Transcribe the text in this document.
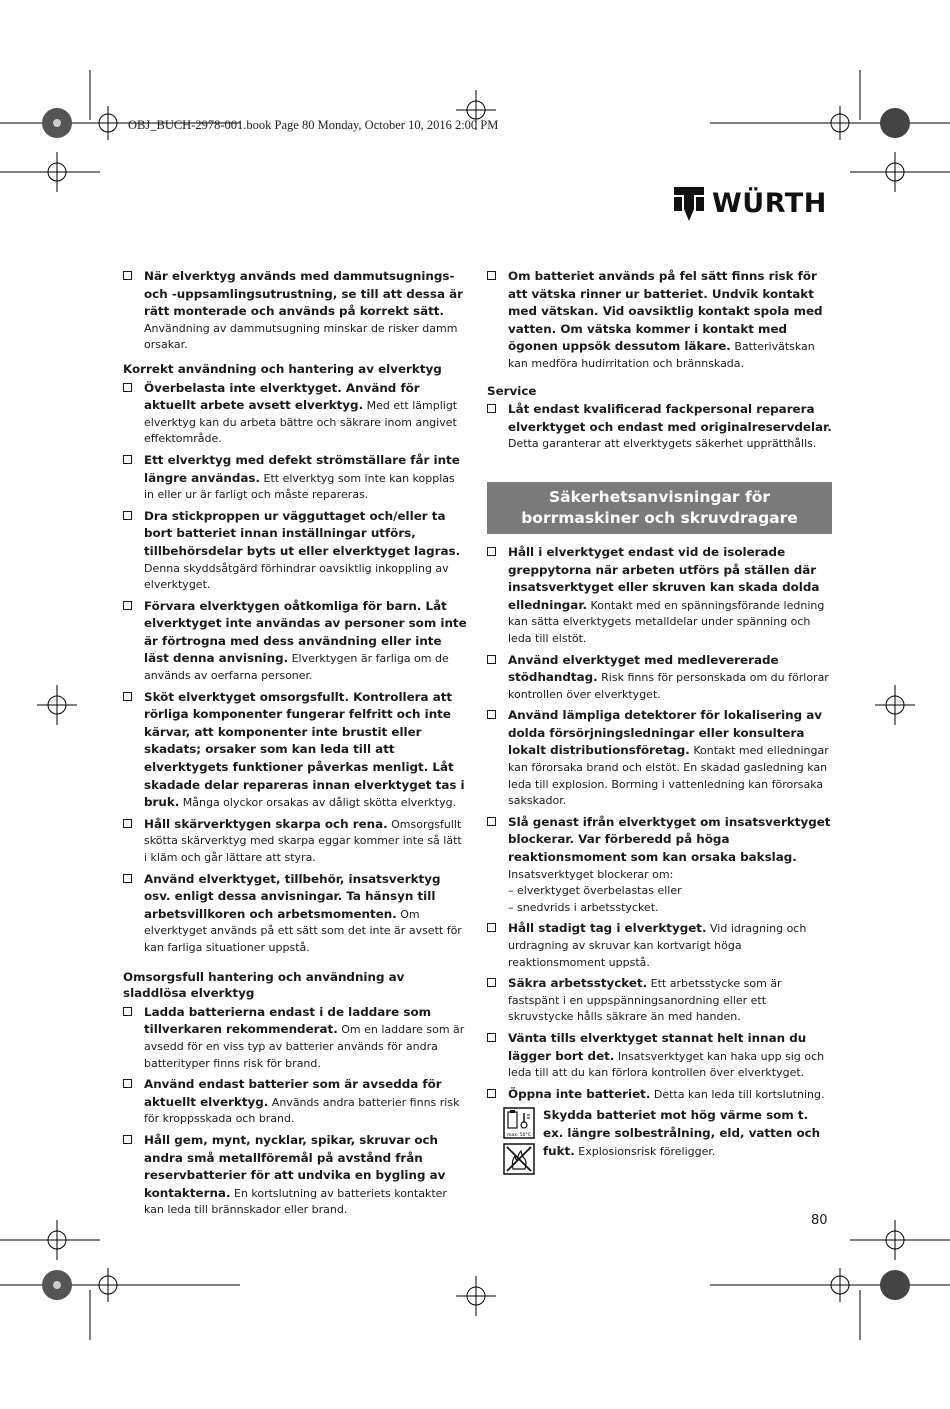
OBJ_BUCH-2978-001.book Page 80 Monday, October 10, 2016 2:00 PM
WÜRTH
När elverktyg används med dammutsugnings- och -uppsamlingsutrustning, se till att dessa är rätt monterade och används på korrekt sätt. Användning av dammutsugning minskar de risker damm orsakar.
Korrekt användning och hantering av elverktyg
Överbelasta inte elverktyget. Använd för aktuellt arbete avsett elverktyg. Med ett lämpligt elverktyg kan du arbeta bättre och säkrare inom angivet effektområde.
Ett elverktyg med defekt strömställare får inte längre användas. Ett elverktyg som inte kan kopplas in eller ur är farligt och måste repareras.
Dra stickproppen ur vägguttaget och/eller ta bort batteriet innan inställningar utförs, tillbehörsdelar byts ut eller elverktyget lagras. Denna skyddsåtgärd förhindrar oavsiktlig inkoppling av elverktyget.
Förvara elverktygen oåtkomliga för barn. Låt elverktyget inte användas av personer som inte är förtrogna med dess användning eller inte läst denna anvisning. Elverktygen är farliga om de används av oerfarna personer.
Sköt elverktyget omsorgsfullt. Kontrollera att rörliga komponenter fungerar felfritt och inte kärvar, att komponenter inte brustit eller skadats; orsaker som kan leda till att elverktygets funktioner påverkas menligt. Låt skadade delar repareras innan elverktyget tas i bruk. Många olyckor orsakas av dåligt skötta elverktyg.
Håll skärverktygen skarpa och rena. Omsorgsfullt skötta skärverktyg med skarpa eggar kommer inte så lätt i kläm och går lättare att styra.
Använd elverktyget, tillbehör, insatsverktyg osv. enligt dessa anvisningar. Ta hänsyn till arbetsvillkoren och arbetsmomenten. Om elverktyget används på ett sätt som det inte är avsett för kan farliga situationer uppstå.
Omsorgsfull hantering och användning av sladdlösa elverktyg
Ladda batterierna endast i de laddare som tillverkaren rekommenderat. Om en laddare som är avsedd för en viss typ av batterier används för andra batterityper finns risk för brand.
Använd endast batterier som är avsedda för aktuellt elverktyg. Används andra batterier finns risk för kroppsskada och brand.
Håll gem, mynt, nycklar, spikar, skruvar och andra små metallföremål på avstånd från reservbatterier för att undvika en bygling av kontakterna. En kortslutning av batteriets kontakter kan leda till brännskador eller brand.
Om batteriet används på fel sätt finns risk för att vätska rinner ur batteriet. Undvik kontakt med vätskan. Vid oavsiktlig kontakt spola med vatten. Om vätska kommer i kontakt med ögonen uppsök dessutom läkare. Batterivätskan kan medföra hudirritation och brännskada.
Service
Låt endast kvalificerad fackpersonal reparera elverktyget och endast med originalreservdelar. Detta garanterar att elverktygets säkerhet upprätthålls.
Säkerhetsanvisningar för borrmaskiner och skruvdragare
Håll i elverktyget endast vid de isolerade greppytorna när arbeten utförs på ställen där insatsverktyget eller skruven kan skada dolda elledningar. Kontakt med en spänningsförande ledning kan sätta elverktygets metalldelar under spänning och leda till elstöt.
Använd elverktyget med medlevererade stödhandtag. Risk finns för personskada om du förlorar kontrollen över elverktyget.
Använd lämpliga detektorer för lokalisering av dolda försörjningsledningar eller konsultera lokalt distributionsföretag. Kontakt med elledningar kan förorsaka brand och elstöt. En skadad gasledning kan leda till explosion. Borrning i vattenledning kan förorsaka sakskador.
Slå genast ifrån elverktyget om insatsverktyget blockerar. Var förberedd på höga reaktionsmoment som kan orsaka bakslag. Insatsverktyget blockerar om:
– elverktyget överbelastas eller
– snedvrids i arbetsstycket.
Håll stadigt tag i elverktyget. Vid idragning och urdragning av skruvar kan kortvarigt höga reaktionsmoment uppstå.
Säkra arbetsstycket. Ett arbetsstycke som är fastspänt i en uppspänningsanordning eller ett skruvstycke hålls säkrare än med handen.
Vänta tills elverktyget stannat helt innan du lägger bort det. Insatsverktyget kan haka upp sig och leda till att du kan förlora kontrollen över elverktyget.
Öppna inte batteriet. Detta kan leda till kortslutning.
max. 50°C
Skydda batteriet mot hög värme som t. ex. längre solbestrålning, eld, vatten och fukt. Explosionsrisk föreligger.
80
